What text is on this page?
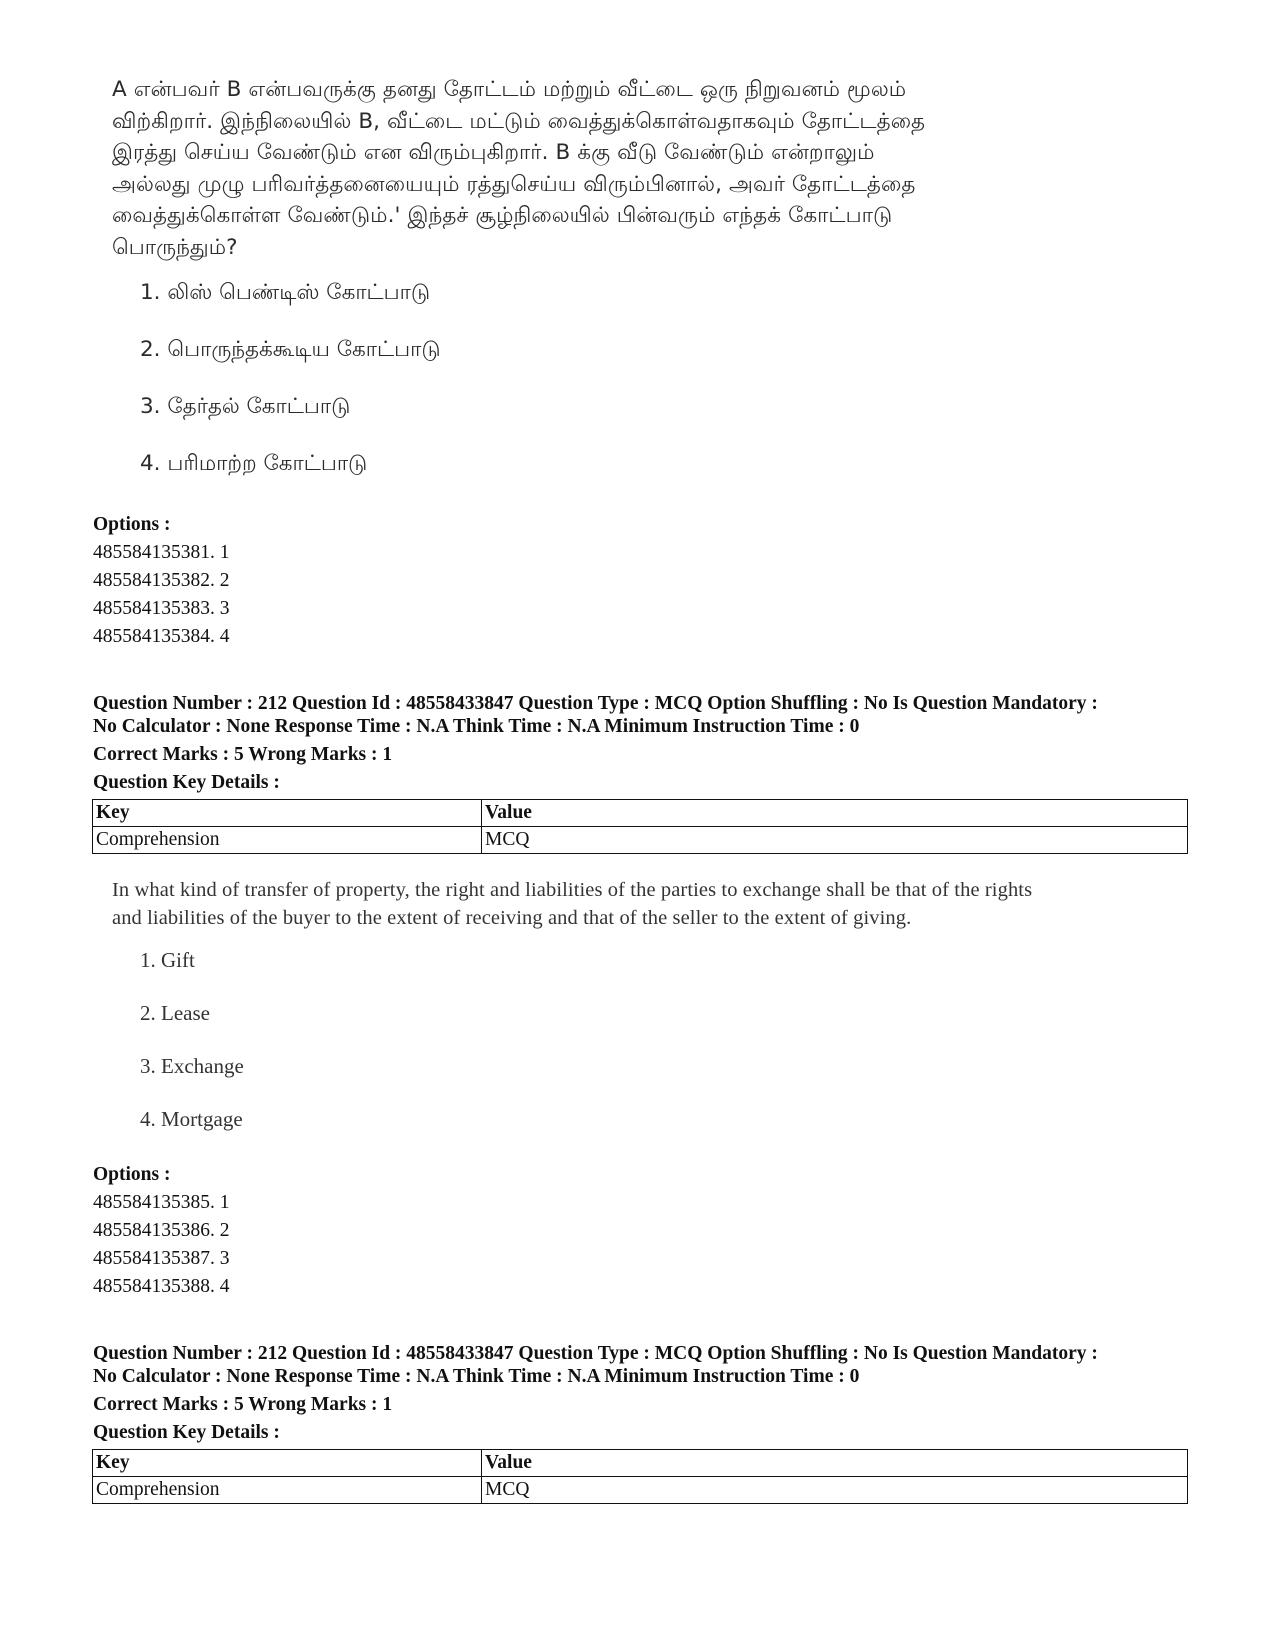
A என்பவர் B என்பவருக்கு தனது தோட்டம் மற்றும் வீட்டை ஒரு நிறுவனம் மூலம்
விற்கிறார். இந்நிலையில் B, வீட்டை மட்டும் வைத்துக்கொள்வதாகவும் தோட்டத்தை
இரத்து செய்ய வேண்டும் என விரும்புகிறார். B க்கு வீடு வேண்டும் என்றாலும்
அல்லது முழு பரிவர்த்தனையையும் ரத்துசெய்ய விரும்பினால், அவர் தோட்டத்தை
வைத்துக்கொள்ள வேண்டும்.' இந்தச் சூழ்நிலையில் பின்வரும் எந்தக் கோட்பாடு
பொருந்தும்?
1. லிஸ் பெண்டிஸ் கோட்பாடு
2. பொருந்தக்கூடிய கோட்பாடு
3. தேர்தல் கோட்பாடு
4. பரிமாற்ற கோட்பாடு
Options :
485584135381. 1
485584135382. 2
485584135383. 3
485584135384. 4
Question Number : 212 Question Id : 48558433847 Question Type : MCQ Option Shuffling : No Is Question Mandatory :
No Calculator : None Response Time : N.A Think Time : N.A Minimum Instruction Time : 0
Correct Marks : 5 Wrong Marks : 1
Question Key Details :
Key	Value
Comprehension	MCQ
In what kind of transfer of property, the right and liabilities of the parties to exchange shall be that of the rights
and liabilities of the buyer to the extent of receiving and that of the seller to the extent of giving.
1. Gift
2. Lease
3. Exchange
4. Mortgage
Options :
485584135385. 1
485584135386. 2
485584135387. 3
485584135388. 4
Question Number : 212 Question Id : 48558433847 Question Type : MCQ Option Shuffling : No Is Question Mandatory :
No Calculator : None Response Time : N.A Think Time : N.A Minimum Instruction Time : 0
Correct Marks : 5 Wrong Marks : 1
Question Key Details :
Key	Value
Comprehension	MCQ
